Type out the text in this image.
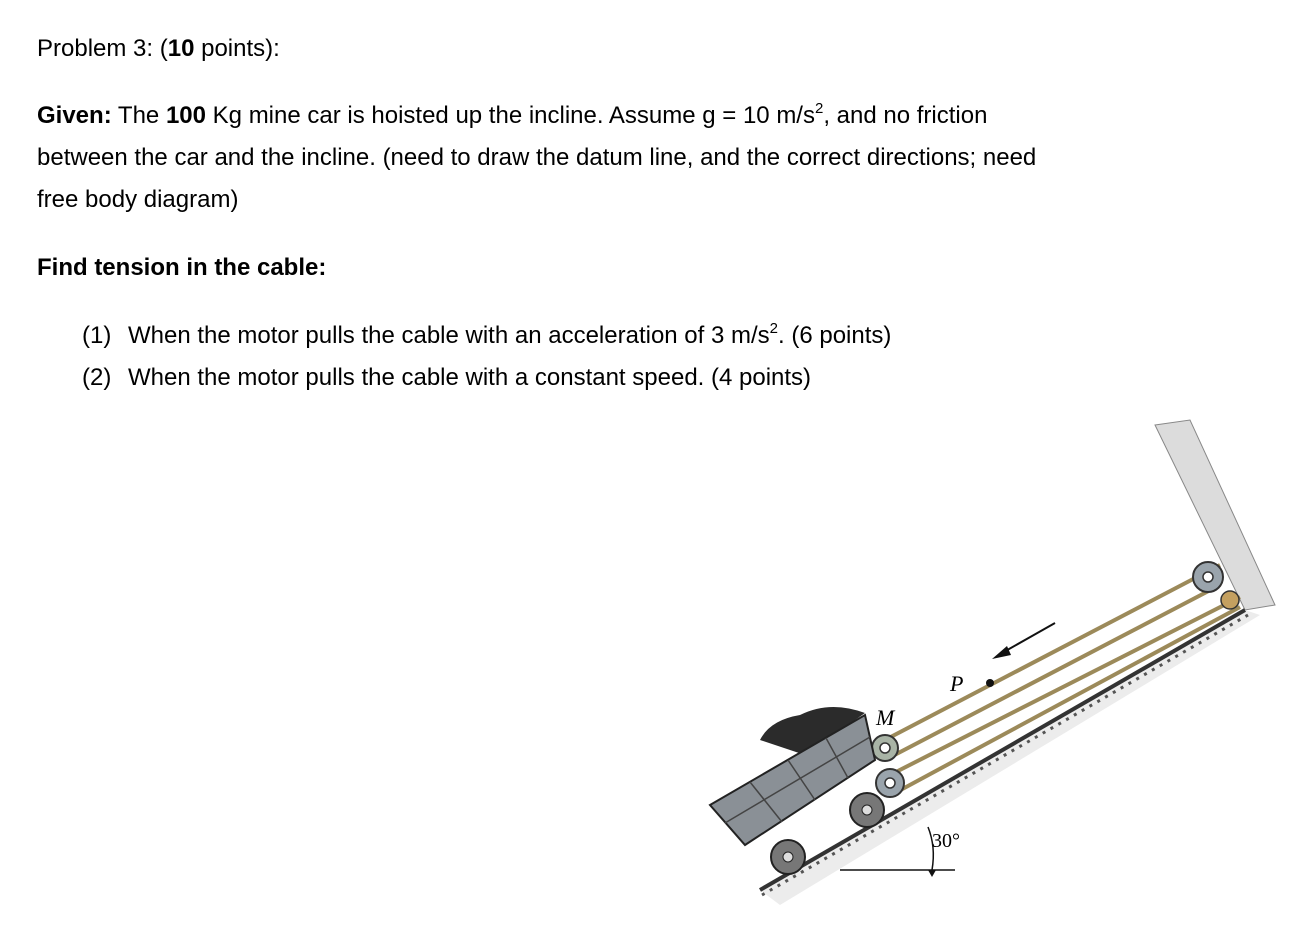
Problem 3: (10 points):
Given: The 100 Kg mine car is hoisted up the incline. Assume g = 10 $m/s^2$, and no friction
between the car and the incline. (need to draw the datum line, and the correct directions; need
free body diagram)
Find tension in the cable:
(1) When the motor pulls the cable with an acceleration of 3 $m/s^2$. (6 points)
(2) When the motor pulls the cable with a constant speed. (4 points)
P
M
30°
